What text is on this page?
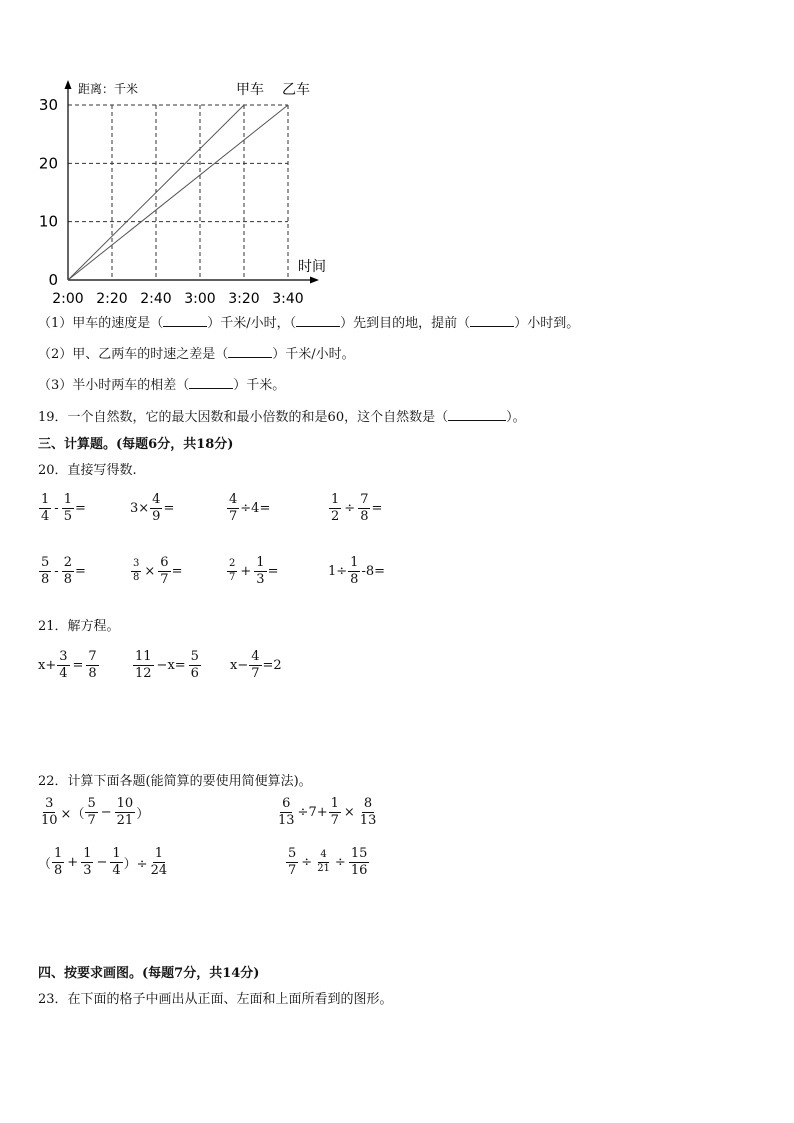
2:00 2:20 2:40 3:00 3:20 3:40
0
10
20
30
距离：千米
时间
甲车 乙车
（1）甲车的速度是（	）千米/小时，（	）先到目的地，提前（	）小时到。
（2）甲、乙两车的时速之差是（	）千米/小时。
（3）半小时两车的相差（	）千米。
19．一个自然数，它的最大因数和最小倍数的和是60，这个自然数是（	）。
三、计算题。(每题6分，共18分)
20．直接写得数.
$\frac{1}{4} - \frac{1}{5}$ =	$3\times \frac{4}{9}$ =	$\frac{4}{7} \div 4=$	$\frac{1}{2} \div \frac{7}{8}$ =
$\frac{5}{8} - \frac{2}{8}$ =	$\frac{3}{8} \times \frac{6}{7}$ =	$\frac{2}{7} + \frac{1}{3}$ =	$1\div \frac{1}{8} -8=$
21．解方程。
$x+ \frac{3}{4} = \frac{7}{8}$	$\frac{11}{12} -x= \frac{5}{6} x- \frac{4}{7} =2$
22．计算下面各题(能简算的要使用简便算法)。
$\frac{3}{10}$ ×（ $\frac{5}{7} - \frac{10}{21}$ ）	$\frac{6}{13} \div 7+ \frac{1}{7} \times \frac{8}{13}$
（ $\frac{1}{8} + \frac{1}{3} - \frac{1}{4}$ ）÷ $\frac{1}{24}$	$\frac{5}{7} \div \frac{4}{21} \div \frac{15}{16}$
四、按要求画图。(每题7分，共14分)
23．在下面的格子中画出从正面、左面和上面所看到的图形。
